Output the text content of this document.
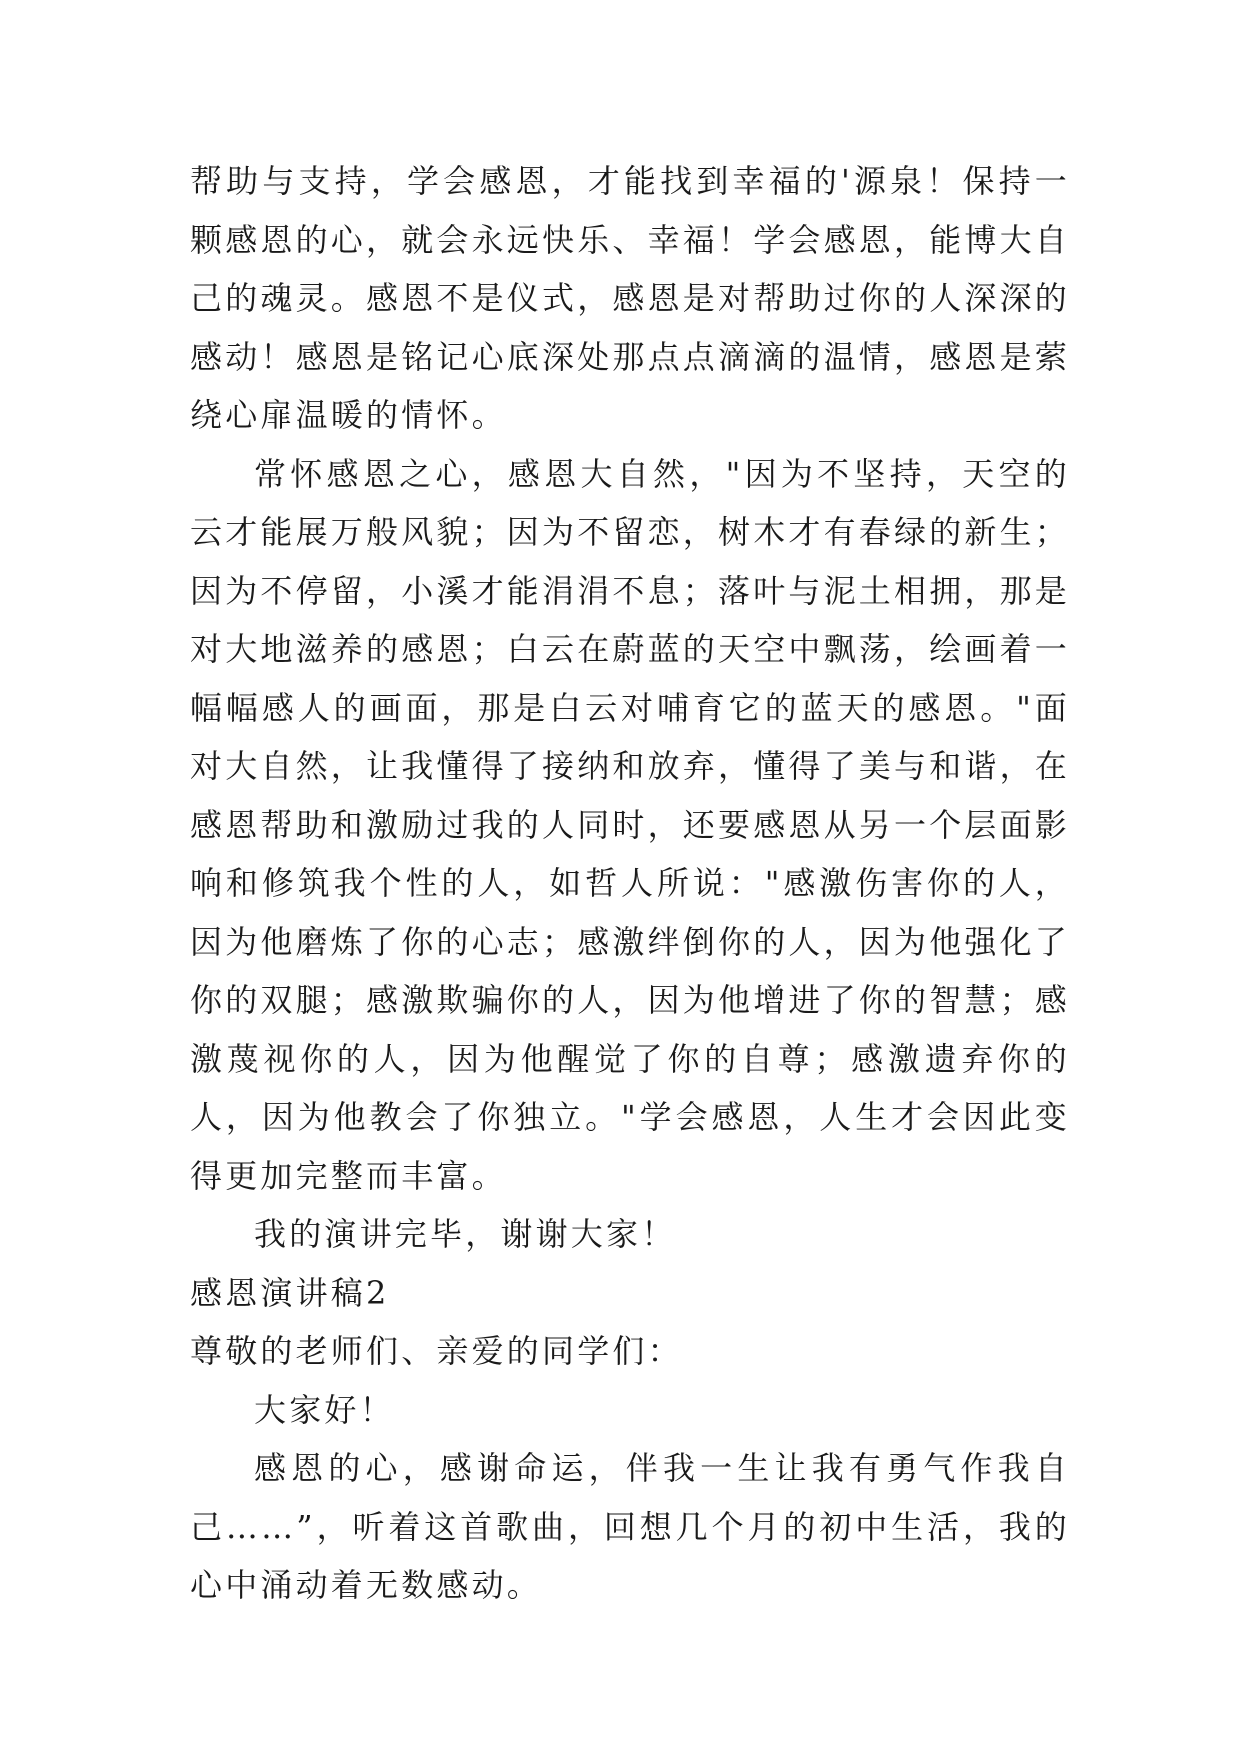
帮助与支持，学会感恩，才能找到幸福的'源泉！保持一颗感恩的心，就会永远快乐、幸福！学会感恩，能博大自己的魂灵。感恩不是仪式，感恩是对帮助过你的人深深的感动！感恩是铭记心底深处那点点滴滴的温情，感恩是萦绕心扉温暖的情怀。

常怀感恩之心，感恩大自然，"因为不坚持，天空的云才能展万般风貌；因为不留恋，树木才有春绿的新生；因为不停留，小溪才能涓涓不息；落叶与泥土相拥，那是对大地滋养的感恩；白云在蔚蓝的天空中飘荡，绘画着一幅幅感人的画面，那是白云对哺育它的蓝天的感恩。"面对大自然，让我懂得了接纳和放弃，懂得了美与和谐，在感恩帮助和激励过我的人同时，还要感恩从另一个层面影响和修筑我个性的人，如哲人所说："感激伤害你的人，因为他磨炼了你的心志；感激绊倒你的人，因为他强化了你的双腿；感激欺骗你的人，因为他增进了你的智慧；感激蔑视你的人，因为他醒觉了你的自尊；感激遗弃你的人，因为他教会了你独立。"学会感恩，人生才会因此变得更加完整而丰富。

我的演讲完毕，谢谢大家！

感恩演讲稿2

尊敬的老师们、亲爱的同学们：

大家好！

感恩的心，感谢命运，伴我一生让我有勇气作我自己……”，听着这首歌曲，回想几个月的初中生活，我的心中涌动着无数感动。
